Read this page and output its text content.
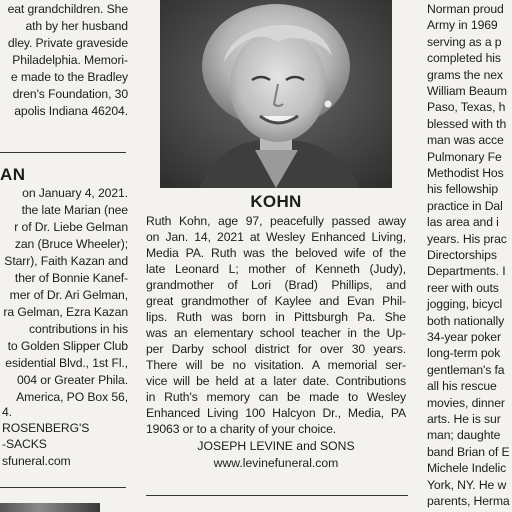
eat grandchildren. She
ath by her husband
dley. Private graveside
Philadelphia. Memori-
e made to the Bradley
dren's Foundation, 30
apolis Indiana 46204.
AN
on January 4, 2021.
the late Marian (nee
r of Dr. Liebe Gelman
zan (Bruce Wheeler);
Starr), Faith Kazan and
ther of Bonnie Kanef-
mer of Dr. Ari Gelman,
ra Gelman, Ezra Kazan
contributions in his
to Golden Slipper Club
esidential Blvd., 1st Fl.,
004 or Greater Phila.
America, PO Box 56,
4.
ROSENBERG'S
-SACKS
sfuneral.com
KOHN
Ruth Kohn, age 97, peacefully passed away
on Jan. 14, 2021 at Wesley Enhanced Living,
Media PA. Ruth was the beloved wife of the
late Leonard L; mother of Kenneth (Judy),
grandmother of Lori (Brad) Phillips, and
great grandmother of Kaylee and Evan Phil-
lips. Ruth was born in Pittsburgh Pa. She
was an elementary school teacher in the Up-
per Darby school district for over 30 years.
There will be no visitation. A memorial ser-
vice will be held at a later date. Contributions
in Ruth's memory can be made to Wesley
Enhanced Living 100 Halcyon Dr., Media, PA
19063 or to a charity of your choice.
JOSEPH LEVINE and SONS
www.levinefuneral.com
Norman proud
Army in 1969
serving as a p
completed his
grams the nex
William Beaum
Paso, Texas, h
blessed with th
man was acce
Pulmonary Fe
Methodist Hos
his fellowship
practice in Dal
las area and i
years. His prac
Directorships
Departments. I
reer with outs
jogging, bicycl
both nationally
34-year poker
long-term pok
gentleman's fa
all his rescue
movies, dinner
arts. He is sur
man; daughte
band Brian of E
Michele Indelic
York, NY. He w
parents, Herma
